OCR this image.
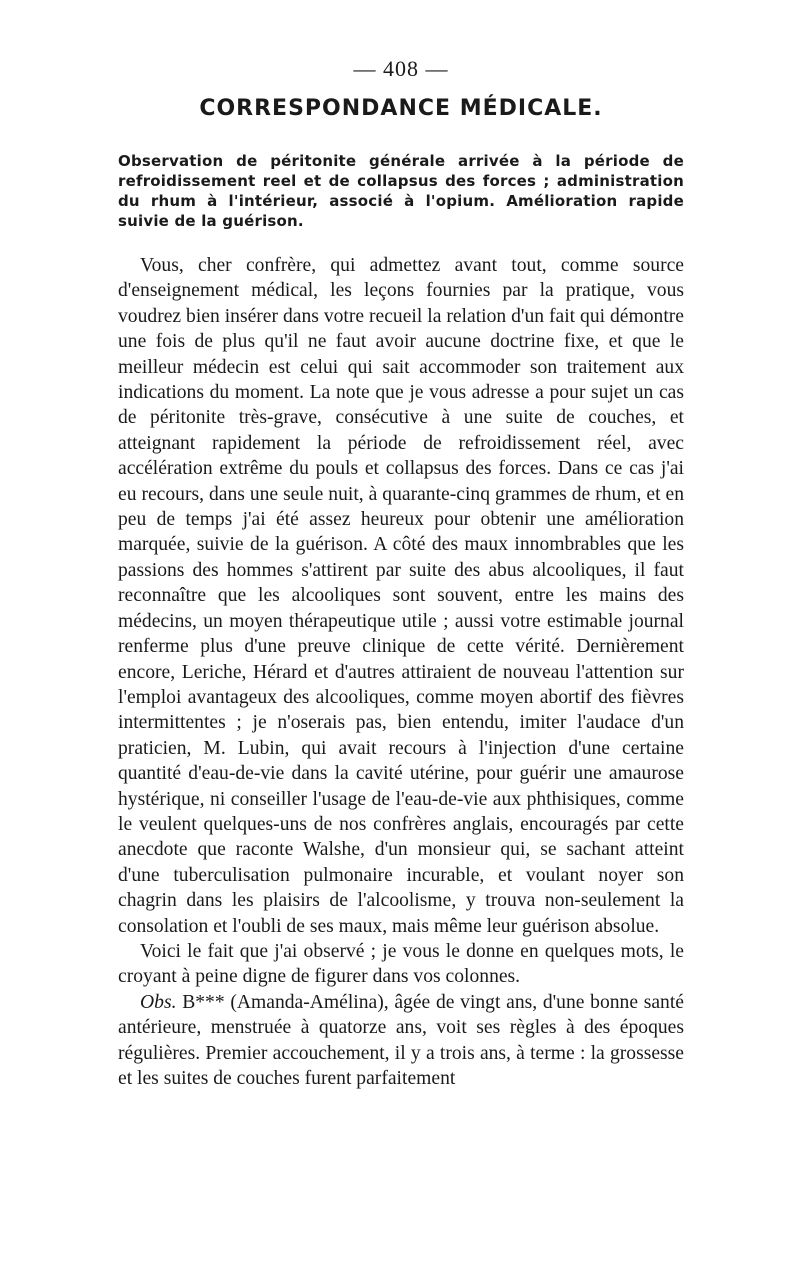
— 408 —
CORRESPONDANCE MÉDICALE.
Observation de péritonite générale arrivée à la période de refroidissement reel et de collapsus des forces ; administration du rhum à l'intérieur, associé à l'opium. Amélioration rapide suivie de la guérison.

Vous, cher confrère, qui admettez avant tout, comme source d'enseignement médical, les leçons fournies par la pratique, vous voudrez bien insérer dans votre recueil la relation d'un fait qui démontre une fois de plus qu'il ne faut avoir aucune doctrine fixe, et que le meilleur médecin est celui qui sait accommoder son traitement aux indications du moment. La note que je vous adresse a pour sujet un cas de péritonite très-grave, consécutive à une suite de couches, et atteignant rapidement la période de refroidissement réel, avec accélération extrême du pouls et collapsus des forces. Dans ce cas j'ai eu recours, dans une seule nuit, à quarante-cinq grammes de rhum, et en peu de temps j'ai été assez heureux pour obtenir une amélioration marquée, suivie de la guérison. A côté des maux innombrables que les passions des hommes s'attirent par suite des abus alcooliques, il faut reconnaître que les alcooliques sont souvent, entre les mains des médecins, un moyen thérapeutique utile ; aussi votre estimable journal renferme plus d'une preuve clinique de cette vérité. Dernièrement encore, Leriche, Hérard et d'autres attiraient de nouveau l'attention sur l'emploi avantageux des alcooliques, comme moyen abortif des fièvres intermittentes ; je n'oserais pas, bien entendu, imiter l'audace d'un praticien, M. Lubin, qui avait recours à l'injection d'une certaine quantité d'eau-de-vie dans la cavité utérine, pour guérir une amaurose hystérique, ni conseiller l'usage de l'eau-de-vie aux phthisiques, comme le veulent quelques-uns de nos confrères anglais, encouragés par cette anecdote que raconte Walshe, d'un monsieur qui, se sachant atteint d'une tuberculisation pulmonaire incurable, et voulant noyer son chagrin dans les plaisirs de l'alcoolisme, y trouva non-seulement la consolation et l'oubli de ses maux, mais même leur guérison absolue.

Voici le fait que j'ai observé ; je vous le donne en quelques mots, le croyant à peine digne de figurer dans vos colonnes.

Obs. B*** (Amanda-Amélina), âgée de vingt ans, d'une bonne santé antérieure, menstruée à quatorze ans, voit ses règles à des époques régulières. Premier accouchement, il y a trois ans, à terme : la grossesse et les suites de couches furent parfaitement
